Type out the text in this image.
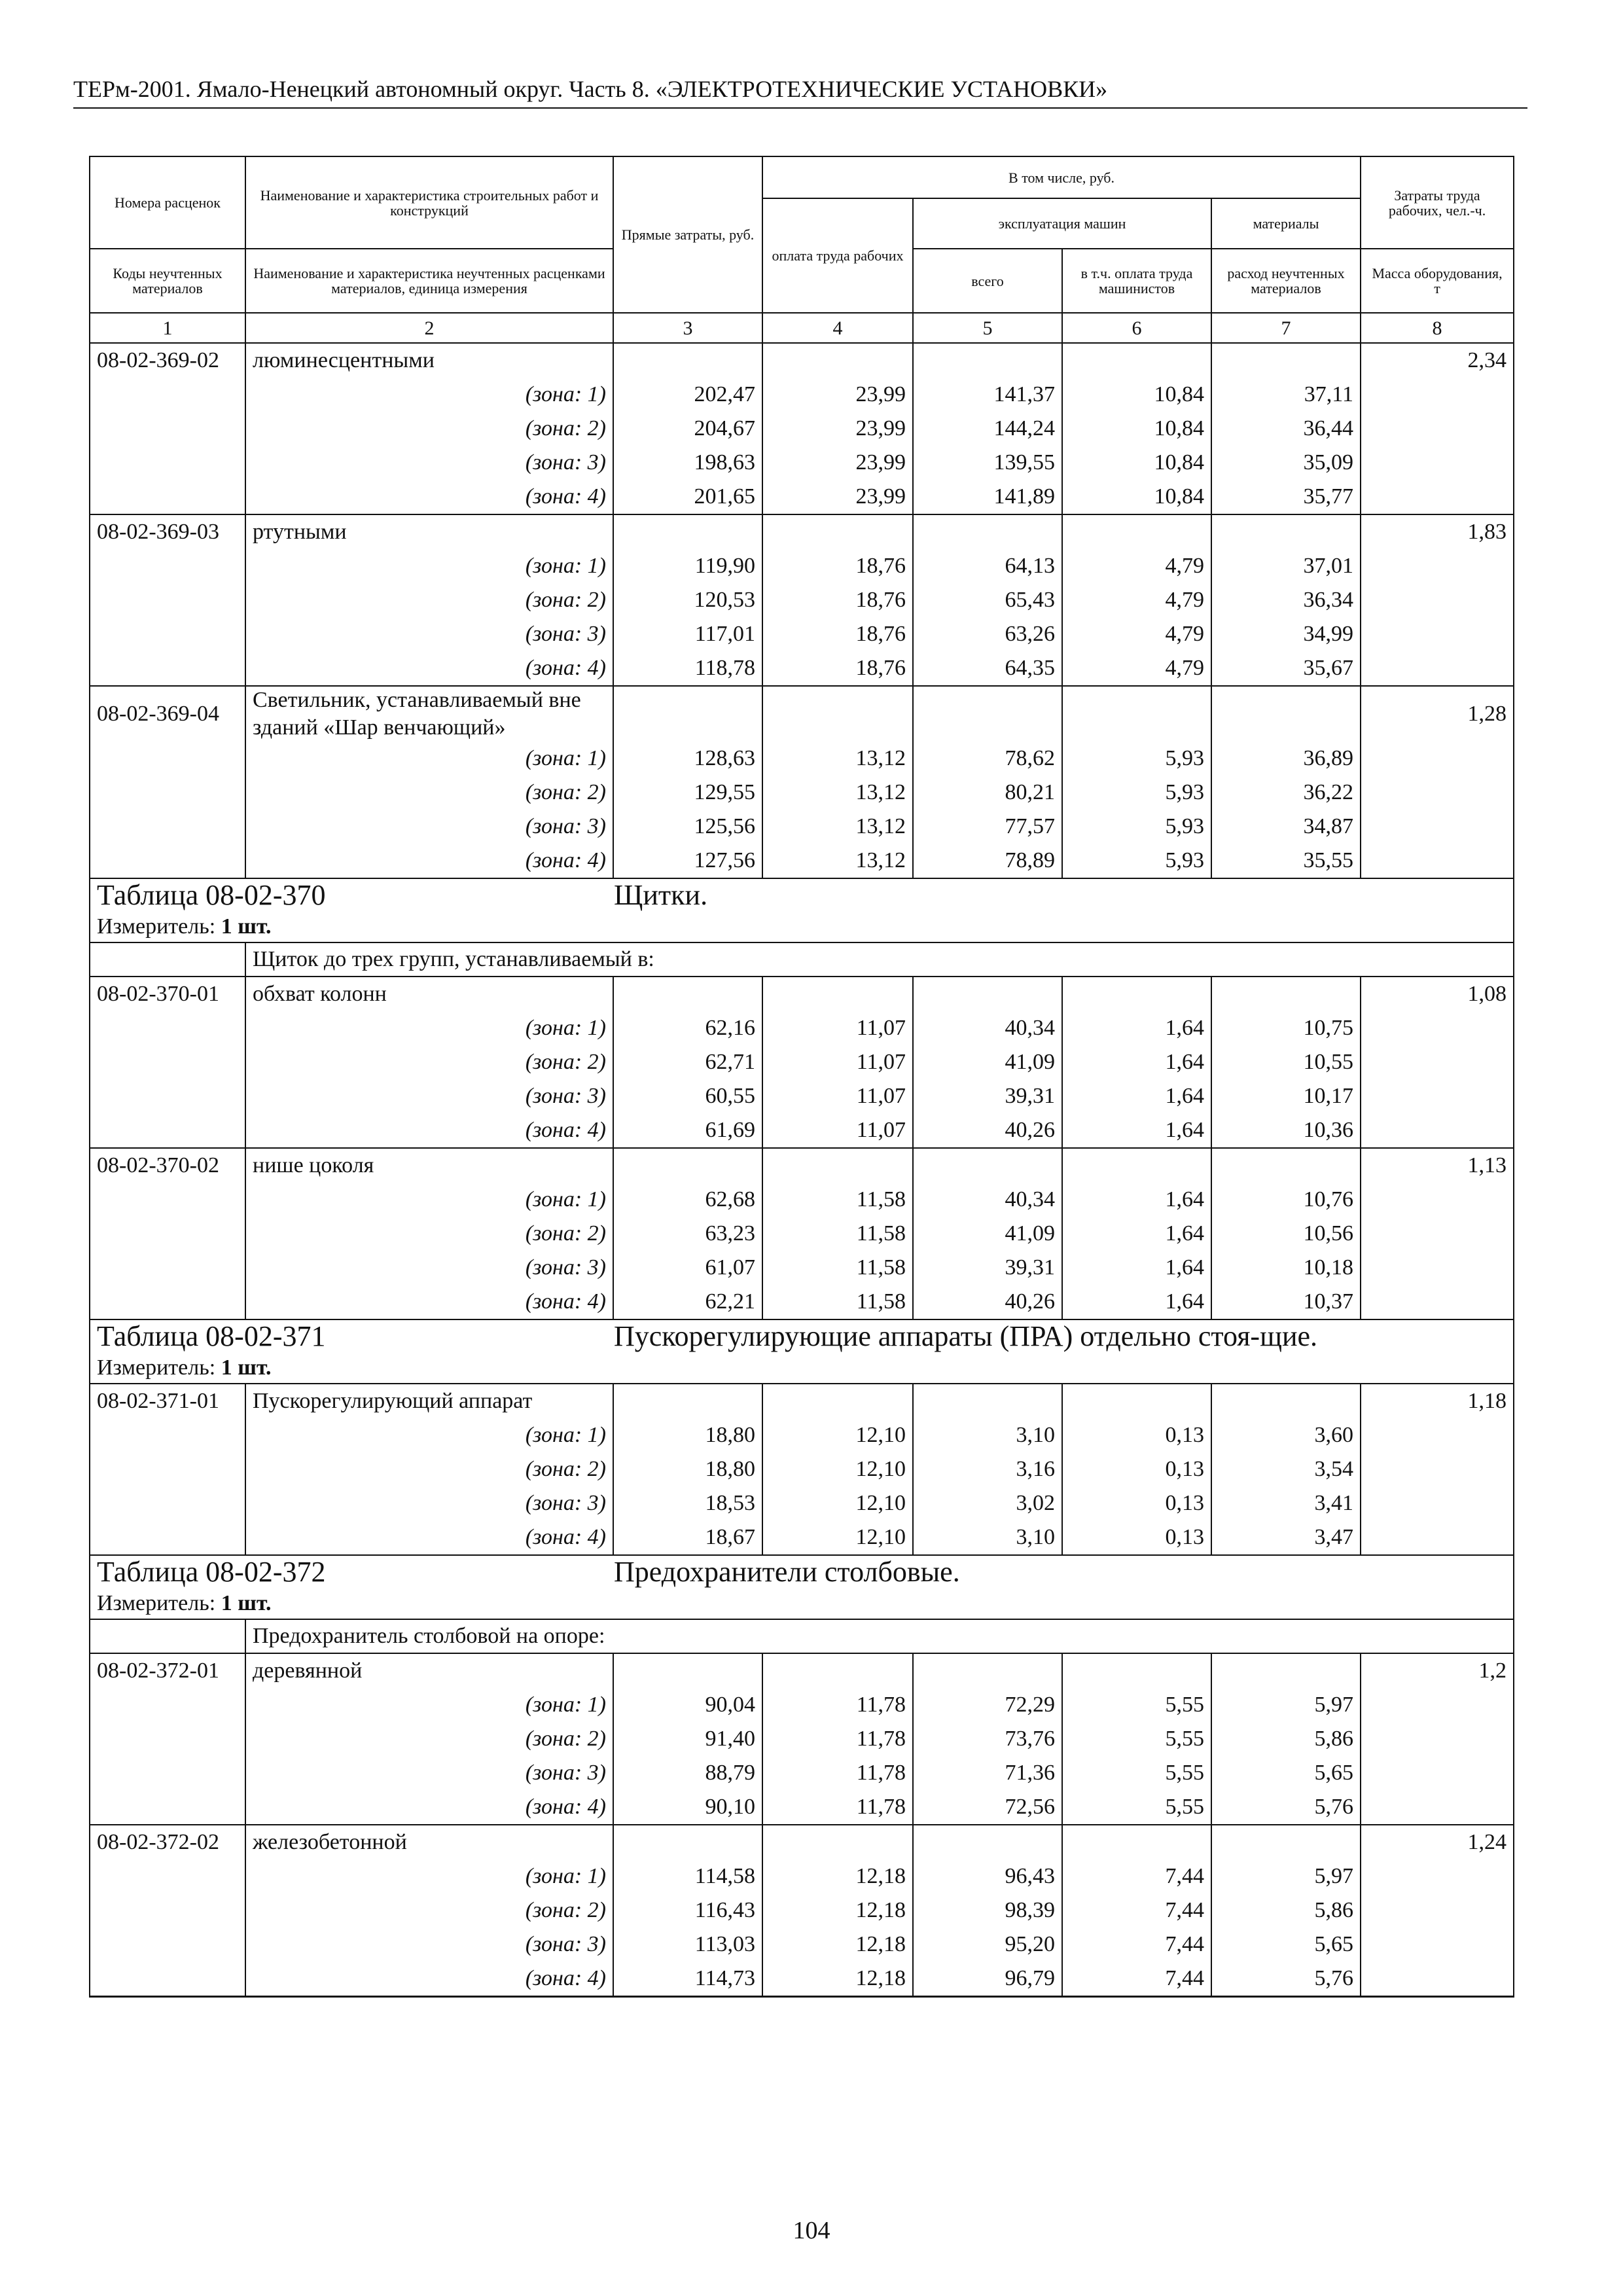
ТЕРм-2001. Ямало-Ненецкий автономный округ. Часть 8. «ЭЛЕКТРОТЕХНИЧЕСКИЕ УСТАНОВКИ»
Номера расценок	Наименование и характеристика строительных работ и конструкций	Прямые затраты, руб.	В том числе, руб.				Затраты труда рабочих, чел.-ч.
			оплата труда рабочих	эксплуатация машин		материалы	
Коды неучтенных материалов	Наименование и характеристика неучтенных расценками материалов, единица измерения			всего	в т.ч. оплата труда машинистов	расход неучтенных материалов	Масса оборудования, т
1	2	3	4	5	6	7	8
08-02-369-02	люминесцентными						2,34
	(зона: 1)	202,47	23,99	141,37	10,84	37,11	
	(зона: 2)	204,67	23,99	144,24	10,84	36,44	
	(зона: 3)	198,63	23,99	139,55	10,84	35,09	
	(зона: 4)	201,65	23,99	141,89	10,84	35,77	
08-02-369-03	ртутными						1,83
	(зона: 1)	119,90	18,76	64,13	4,79	37,01	
	(зона: 2)	120,53	18,76	65,43	4,79	36,34	
	(зона: 3)	117,01	18,76	63,26	4,79	34,99	
	(зона: 4)	118,78	18,76	64,35	4,79	35,67	
08-02-369-04	Светильник, устанавливаемый вне зданий «Шар венчающий»						1,28
	(зона: 1)	128,63	13,12	78,62	5,93	36,89	
	(зона: 2)	129,55	13,12	80,21	5,93	36,22	
	(зона: 3)	125,56	13,12	77,57	5,93	34,87	
	(зона: 4)	127,56	13,12	78,89	5,93	35,55	
Таблица 08-02-370 Щитки.							
Измеритель: 1 шт.							
	Щиток до трех групп, устанавливаемый в:						
08-02-370-01	обхват колонн						1,08
	(зона: 1)	62,16	11,07	40,34	1,64	10,75	
	(зона: 2)	62,71	11,07	41,09	1,64	10,55	
	(зона: 3)	60,55	11,07	39,31	1,64	10,17	
	(зона: 4)	61,69	11,07	40,26	1,64	10,36	
08-02-370-02	нише цоколя						1,13
	(зона: 1)	62,68	11,58	40,34	1,64	10,76	
	(зона: 2)	63,23	11,58	41,09	1,64	10,56	
	(зона: 3)	61,07	11,58	39,31	1,64	10,18	
	(зона: 4)	62,21	11,58	40,26	1,64	10,37	
Таблица 08-02-371 Пускорегулирующие аппараты (ПРА) отдельно стоя-щие.							
Измеритель: 1 шт.							
08-02-371-01	Пускорегулирующий аппарат						1,18
	(зона: 1)	18,80	12,10	3,10	0,13	3,60	
	(зона: 2)	18,80	12,10	3,16	0,13	3,54	
	(зона: 3)	18,53	12,10	3,02	0,13	3,41	
	(зона: 4)	18,67	12,10	3,10	0,13	3,47	
Таблица 08-02-372 Предохранители столбовые.							
Измеритель: 1 шт.							
	Предохранитель столбовой на опоре:						
08-02-372-01	деревянной						1,2
	(зона: 1)	90,04	11,78	72,29	5,55	5,97	
	(зона: 2)	91,40	11,78	73,76	5,55	5,86	
	(зона: 3)	88,79	11,78	71,36	5,55	5,65	
	(зона: 4)	90,10	11,78	72,56	5,55	5,76	
08-02-372-02	железобетонной						1,24
	(зона: 1)	114,58	12,18	96,43	7,44	5,97	
	(зона: 2)	116,43	12,18	98,39	7,44	5,86	
	(зона: 3)	113,03	12,18	95,20	7,44	5,65	
	(зона: 4)	114,73	12,18	96,79	7,44	5,76	
104
